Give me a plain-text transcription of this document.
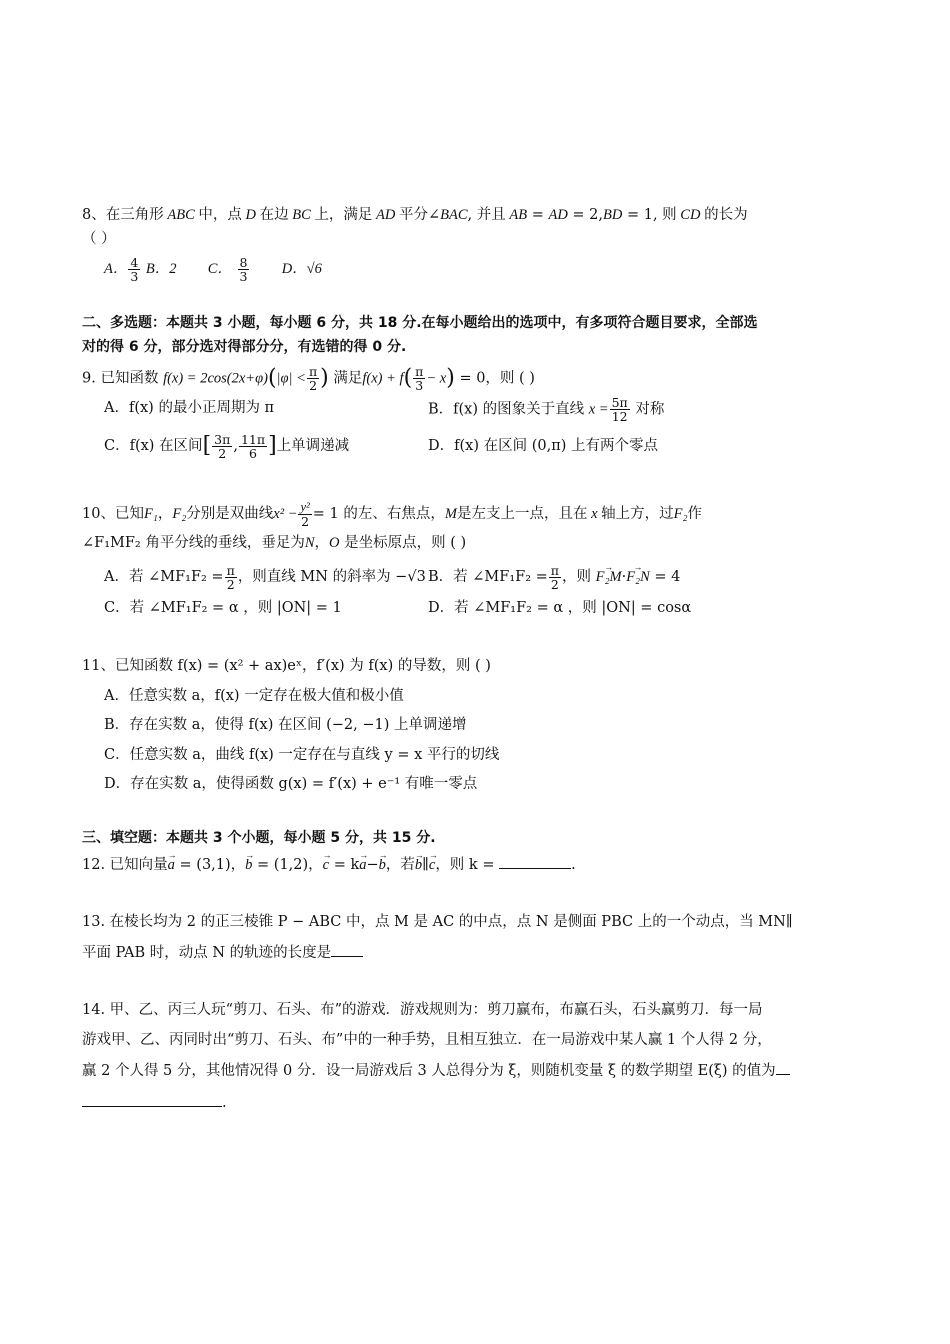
8、在三角形 ABC 中，点 D 在边 BC 上，满足 AD 平分∠BAC, 并且 AB = AD = 2,BD = 1, 则 CD 的长为
（ ）
A． $\frac{4}{3}$ B．2 C． $\frac{8}{3}$ D．√6
二、多选题：本题共 3 小题，每小题 6 分，共 18 分.在每小题给出的选项中，有多项符合题目要求，全部选
对的得 6 分，部分选对得部分分，有选错的得 0 分.
9. 已知函数 $f(x) = 2\cos(2x+\varphi)(|\varphi| < \frac{\pi}{2}$ ) 满足$f(x) + f( \frac{\pi}{3} - x) = 0$，则 ( )
A．f(x) 的最小正周期为 π	B．f(x) 的图象关于直线 $x = \frac{5\pi}{12}$ 对称
C．f(x) 在区间[ $\frac{3\pi}{2}$ , $\frac{11\pi}{6}$ ]上单调递减	D．f(x) 在区间 (0,π) 上有两个零点
10、已知F₁，F₂分别是双曲线$x^2 - \frac{\text{y²}}{2} = 1$ 的左、右焦点，M是左支上一点，且在 x 轴上方，过F₂作
∠F₁MF₂ 角平分线的垂线，垂足为N，O 是坐标原点，则 ( )
A．若 ∠MF₁F₂ = $\frac{\pi}{2}$ ，则直线 MN 的斜率为 −√3 B．若 ∠MF₁F₂ = $\frac{\pi}{2}$ ，则 → F₂M·→ F₂N = 4
C．若 ∠MF₁F₂ = α ，则 |ON| = 1	D．若 ∠MF₁F₂ = α ，则 |ON| = cosα
11、已知函数 f(x) = (x² + ax)eˣ，f′(x) 为 f(x) 的导数，则 ( )
A．任意实数 a，f(x) 一定存在极大值和极小值
B．存在实数 a，使得 f(x) 在区间 (−2, −1) 上单调递增
C．任意实数 a，曲线 f(x) 一定存在与直线 y = x 平行的切线
D．存在实数 a，使得函数 g(x) = f′(x) + e⁻¹ 有唯一零点
三、填空题：本题共 3 个小题，每小题 5 分，共 15 分.
12. 已知向量→ a = (3,1)，→ b = (1,2)，→ c = k→ a−→ b，若→ b∥→ c，则 k =	.
13. 在棱长均为 2 的正三棱锥 P − ABC 中，点 M 是 AC 的中点，点 N 是侧面 PBC 上的一个动点，当 MN∥
平面 PAB 时，动点 N 的轨迹的长度是
14. 甲、乙、丙三人玩“剪刀、石头、布”的游戏．游戏规则为：剪刀赢布，布赢石头，石头赢剪刀．每一局
游戏甲、乙、丙同时出“剪刀、石头、布”中的一种手势，且相互独立．在一局游戏中某人赢 1 个人得 2 分，
赢 2 个人得 5 分，其他情况得 0 分．设一局游戏后 3 人总得分为 ξ，则随机变量 ξ 的数学期望 E(ξ) 的值为
.
